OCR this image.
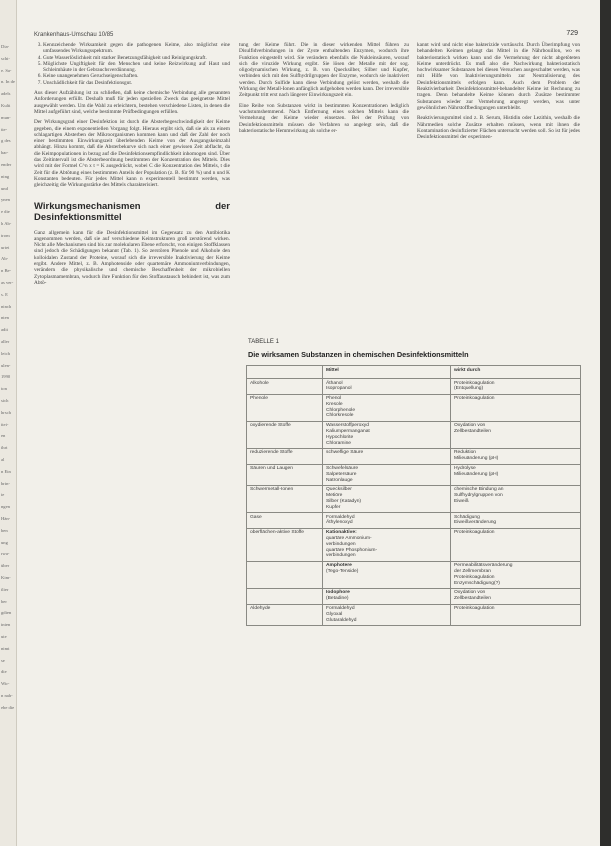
Dia-
schi-
e. Sa-
n. In de
adels
Kulti
mun-
tie-
g des
bar-
ender
ning
und
ynen
e die
h Ab-
trom
urtei
Ab-
n Be-
as ver-
s. E
ninch
nten
adit
aller
leich
ulen-
1990
ton
sich
hrsch
itei-
en
ihrt
al
n Ein
brin-
ie
ngen
Hän-
ben
ung
rwa-
über
Kim-
ilier
ber
gdien
inten
ute
nimt
se
die
Wir-
n nah-
ebe die
Krankenhaus-Umschau 10/85	729
3. Kennzeichende Wirksamkeit gegen die pathogenen Keime, also möglichst eine umfassendes Wirkungsspektrum.
4. Gute Wasserlöslichkeit mit starker Benetzungsfähigkeit und Reinigungskraft.
5. Möglichste Ungiftigkeit für den Menschen und keine Reizwirkung auf Haut und Schleimhäute in der Gebrauchsverdünnung.
6. Keine unangenehmen Geruchseigenschaften.
7. Unschädlichkeit für das Desinfektionsgut.

Aus dieser Aufzählung ist zu schließen, daß keine chemische Verbindung alle genannten Anforderungen erfüllt. Deshalb muß für jeden speziellen Zweck das geeignetste Mittel ausgewählt werden. Um die Wahl zu erleichtern, bestehen verschiedene Listen, in denen die Mittel aufgeführt sind, welche bestimmte Prüfbedingungen erfüllen.

Der Wirkungsgrad einer Desinfektion ist durch die Absterbegeschwindigkeit der Keime gegeben, die einem exponentiellen Vorgang folgt. Hieraus ergibt sich, daß sie als zu einem schlagartigen Absterben der Mikroorganismen kommen kann und daß der Zahl der noch einer bestimmten Einwirkungszeit überlebenden Keime von der Ausgangskeimzahl abhängt. Hinzu kommt, daß die Absterbekurve sich nach einer gewissen Zeit abflacht, da die Keimpopulationen in bezug auf die Desinfektionsempfindlichkeit inhomogen sind. Über das Zeitintervall ist die Absterbeordnung bestimmten der Konzentration des Mittels. Dies wird mit der Formel C^n x t = K ausgedrückt, wobei C die Konzentration des Mittels, t die Zeit für die Abtötung eines bestimmten Anteils der Population (z. B. für 90 %) und n und K Konstanten bedeuten. Für jedes Mittel kann n experimentell bestimmt werden, was gleichzeitig die Wirkungsstärke des Mittels charakterisiert.

Wirkungsmechanismen der Desinfektionsmittel

Ganz allgemein kann für die Desinfektionsmittel im Gegensatz zu den Antibiotika angenommen werden, daß sie auf verschiedene Keimstrukturen groß zerstörend wirken. Nicht alle Mechanismen sind bis zur molekularen Ebene erforscht, von einigen Stoffklassen sind jedoch die Schädigungen bekannt (Tab. 1). So zerstören Phenole und Alkohole den kolloidalen Zustand der Proteine, worauf sich die irreversible Inaktivierung der Keime ergibt. Andere Mittel, z. B. Amphotenside oder quartemäre Ammoniumverbindungen, verändern die physikalische und chemische Beschaffenheit der mikrobiellen Zytoplasmamembran, wodurch ihre Funktion für den Stoffaustausch behindert ist, was zum Abtö-

tung der Keime führt. Die in dieser wirkenden Mittel führen zu Disulfidverbindungen in der Zyste enthaltenden Enzymen, wodurch ihre Funktion eingestellt wird. Sie verändern ebenfalls die Nukleinsäuren, worauf sich die viruzide Wirkung ergibt. Sie lösen der Metalle mit der sog. oligodynamischen Wirkung, z. B. von Quecksilber, Silber und Kupfer, verbinden sich mit den Sulfhydrilgruppen der Enzyme, wodurch sie inaktiviert werden. Durch Sulfide kann diese Verbindung gelöst werden, weshalb die Wirkung der Metall-Ionen anfänglich aufgehoben werden kann. Der irreversible Zeitpunkt tritt erst nach längerer Einwirkungszeit ein.

Eine Reihe von Substanzen wirkt in bestimmten Konzentrationen lediglich wachstumshemmend. Nach Entfernung eines solchen Mittels kann die Vermehrung der Keime wieder einsetzen. Bei der Prüfung von Desinfektionsmitteln müssen die Verfahren so angelegt sein, daß die bakteriostatische Hemmwirkung als solche er-

kannt wird und nicht eine bakterizide vortäuscht. Durch Überimpfung von behandelten Keimen gelangt das Mittel in die Nährbouillon, wo es bakteriostatisch wirken kann und die Vermehrung der nicht abgetöteten Keime unterdrückt. Es muß also die Nachwirkung bakteriostatisch hochwirksamer Substanzen bei diesen Versuchen ausgeschaltet werden, was mit Hilfe von Inaktivierungsmitteln zur Neutralisierung des Desinfektionsmittels erfolgen kann. Auch dem Problem der Reaktivierbarkeit Desinfektionsmittel-behandelter Keime ist Rechnung zu tragen. Denn behandelte Keime können durch Zusätze bestimmter Substanzen wieder zur Vermehrung angeregt werden, was unter gewöhnlichen Nährstoffbedingungen unterbleibt.

Reaktivierungsmittel sind z. B. Serum, Histidin oder Lezithin, weshalb die Nährmedien solche Zusätze erhalten müssen, wenn mit ihnen die Kontamination desinfizierter Flächen untersucht werden soll. So ist für jedes Desinfektionsmittel der experimen-

TABELLE 1
Die wirksamen Substanzen in chemischen Desinfektionsmitteln
	Mittel	wirkt durch
Alkohole	Äthanol
Isopropanol	Proteinkoagulation
(Entquellung)

Phenole	Phenol
Kresole
Chlorphenole
Chlorkresole	Proteinkoagulation

oxydierende Stoffe	Wasserstoffperoxyd
Kaliumpermanganat
Hypochlorite
Chloramine	Oxydation von
Zellbestandteilen

reduzierende Stoffe	schweflige Säure	Reduktion
Milieuänderung (pH)

Säuren und Laugen	Schwefelsäure
Salpetersäure
Natronlauge	Hydrolyse
Milieuänderung (pH)

Schwermetall-Ionen	Quecksilber
Metiöre
Silber (Katadyn)
Kupfer	chemische Bindung an
Sulfhydrylgruppen von
Eiweiß

Gase	Formaldehyd
Äthylenoxyd	Schädigung
Eiweißveränderung

oberflächen-aktive Stoffe	Kationaktive:
quartäre Ammonium-
verbindungen
quartäre Phosphonium-
verbindungen	Proteinkoagulation

	Amphotere
(Tego-Tenside)	Permeabilitätsveränderung
der Zellmembran
Proteinkoagulation
Enzymschädigung(?)

	Iodophore
(Betadine)	Oxydation von
Zellbestandteilen

Aldehyde	Formaldehyd
Glyoxal
Glutaraldehyd	Proteinkoagulation
